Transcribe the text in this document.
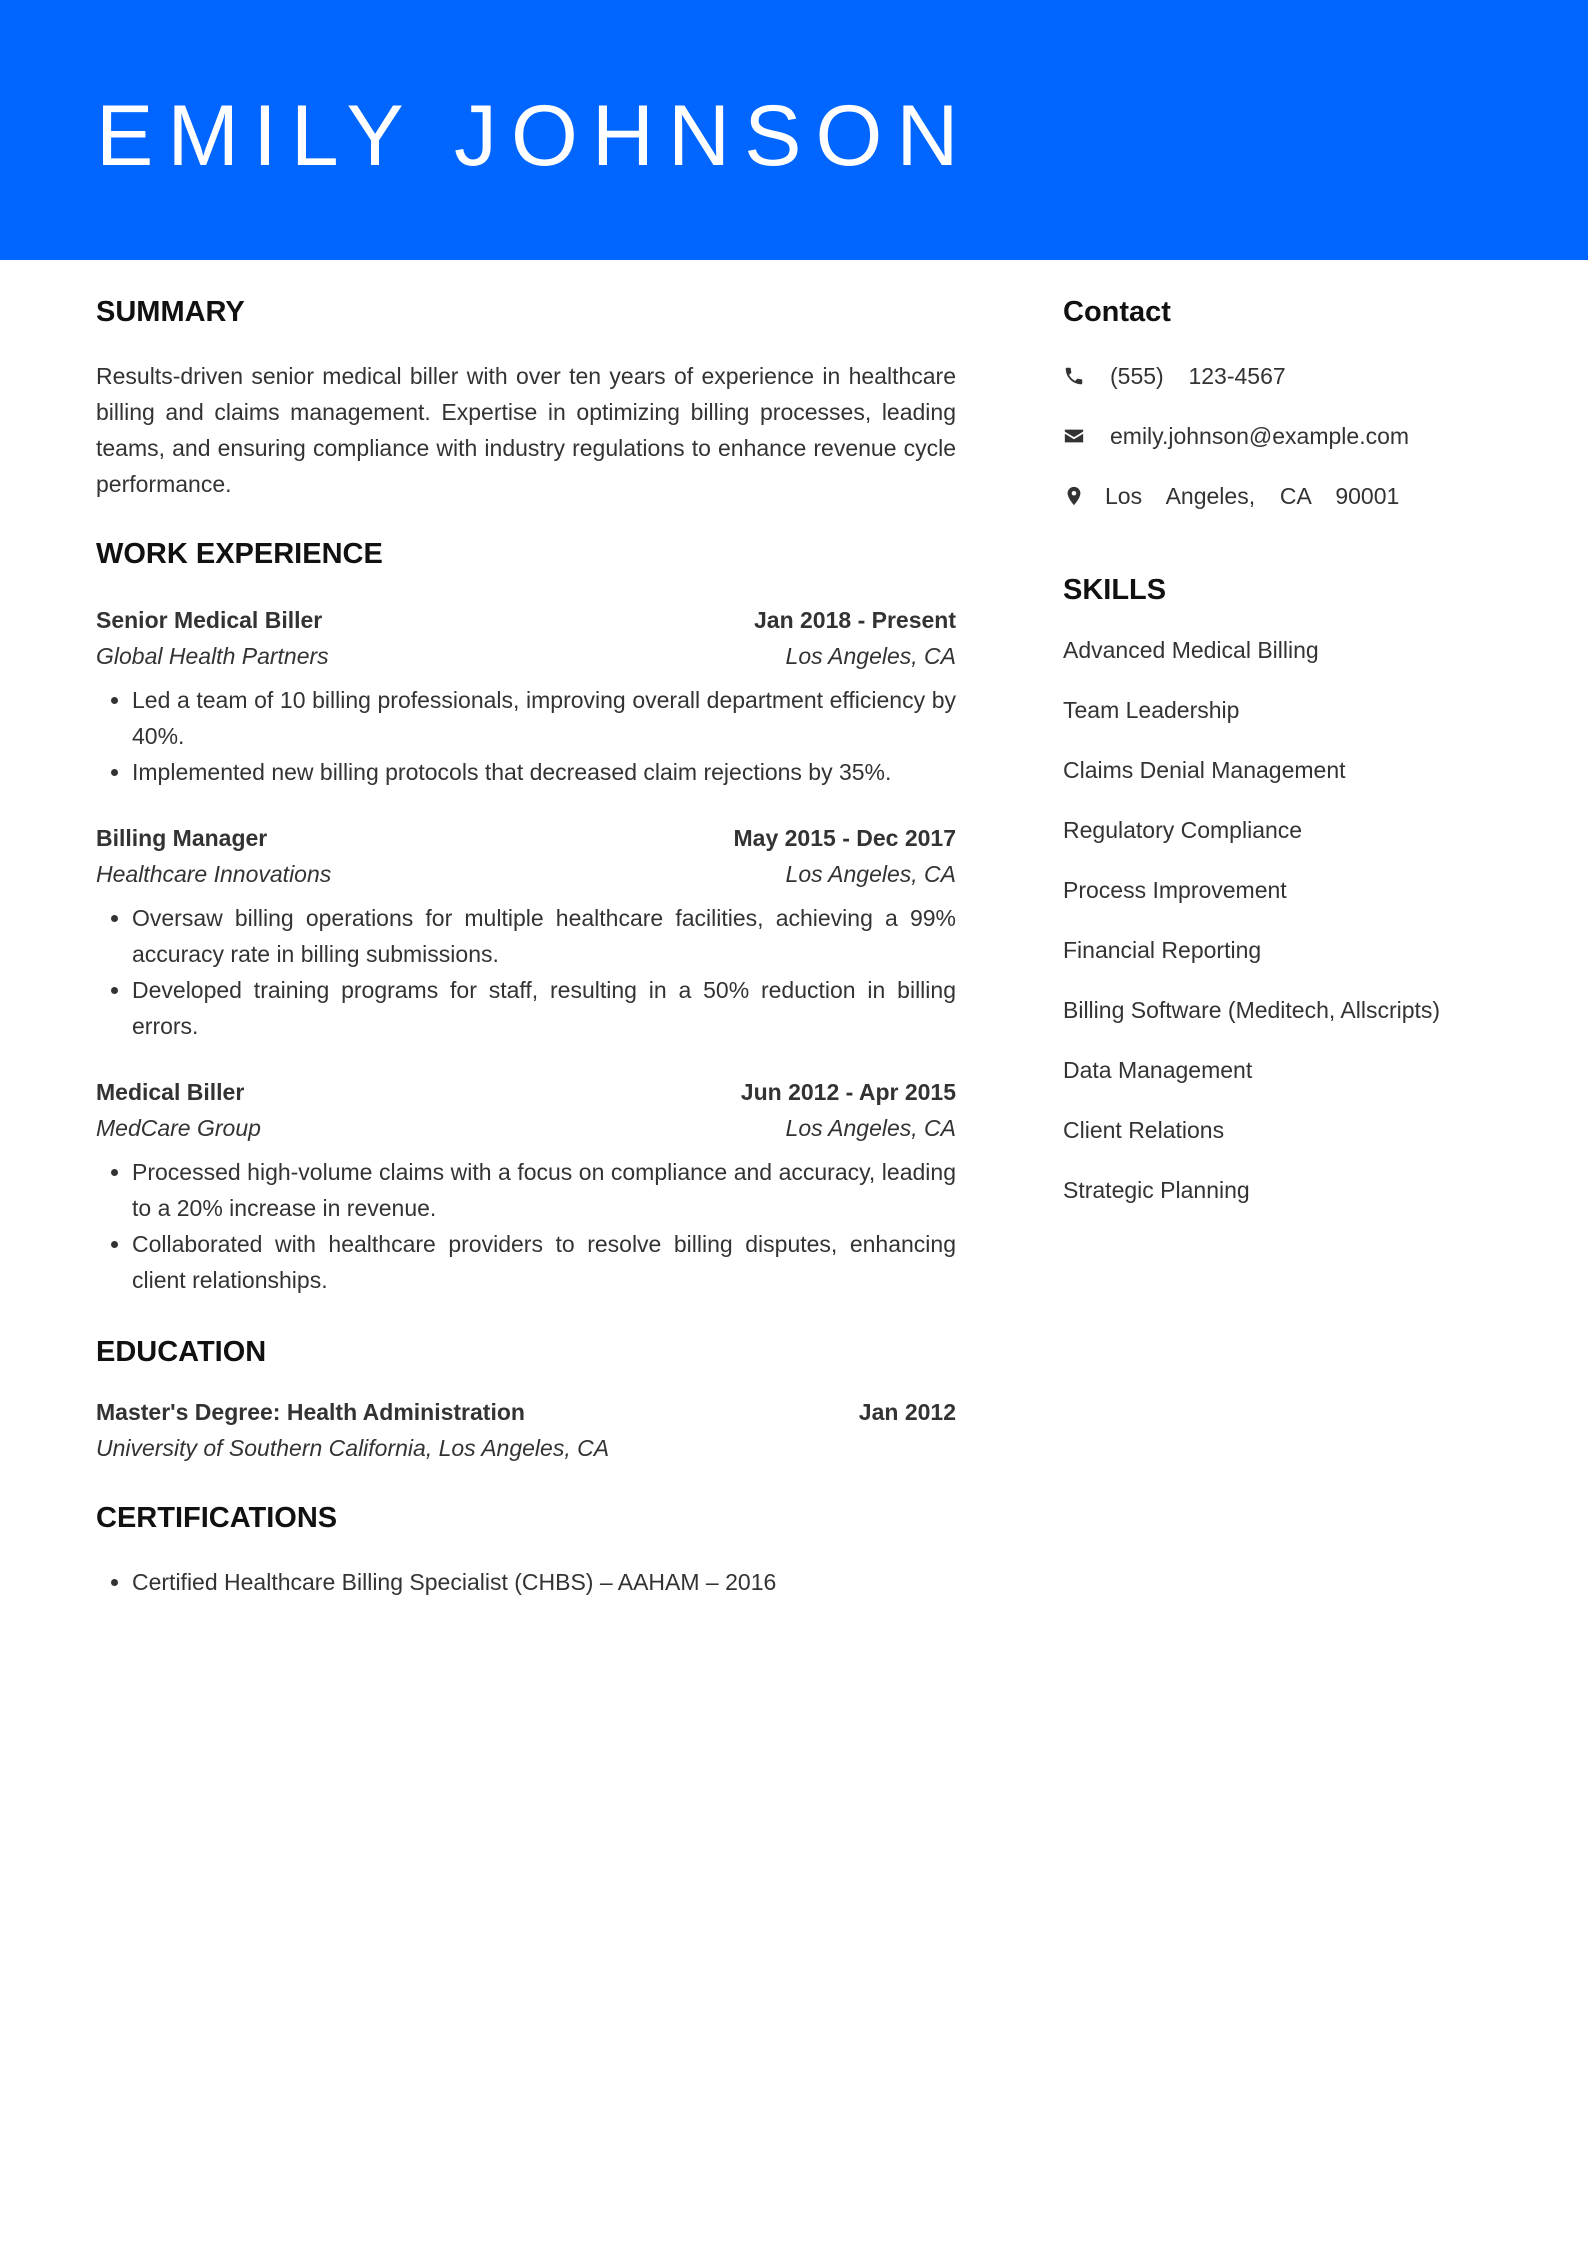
EMILY JOHNSON
SUMMARY

Results-driven senior medical biller with over ten years of experience in healthcare billing and claims management. Expertise in optimizing billing processes, leading teams, and ensuring compliance with industry regulations to enhance revenue cycle performance.

WORK EXPERIENCE
Senior Medical Biller	Jan 2018 - Present
Global Health Partners	Los Angeles, CA
• Led a team of 10 billing professionals, improving overall department efficiency by 40%.
• Implemented new billing protocols that decreased claim rejections by 35%.
Billing Manager	May 2015 - Dec 2017
Healthcare Innovations	Los Angeles, CA
• Oversaw billing operations for multiple healthcare facilities, achieving a 99% accuracy rate in billing submissions.
• Developed training programs for staff, resulting in a 50% reduction in billing errors.
Medical Biller	Jun 2012 - Apr 2015
MedCare Group	Los Angeles, CA
• Processed high-volume claims with a focus on compliance and accuracy, leading to a 20% increase in revenue.
• Collaborated with healthcare providers to resolve billing disputes, enhancing client relationships.
EDUCATION
Master's Degree: Health Administration	Jan 2012
University of Southern California, Los Angeles, CA
CERTIFICATIONS
• Certified Healthcare Billing Specialist (CHBS) – AAHAM – 2016
Contact
(555)  123-4567
emily.johnson@example.com
Los  Angeles,  CA  90001
SKILLS
Advanced Medical Billing
Team Leadership
Claims Denial Management
Regulatory Compliance
Process Improvement
Financial Reporting
Billing Software (Meditech, Allscripts)
Data Management
Client Relations
Strategic Planning
